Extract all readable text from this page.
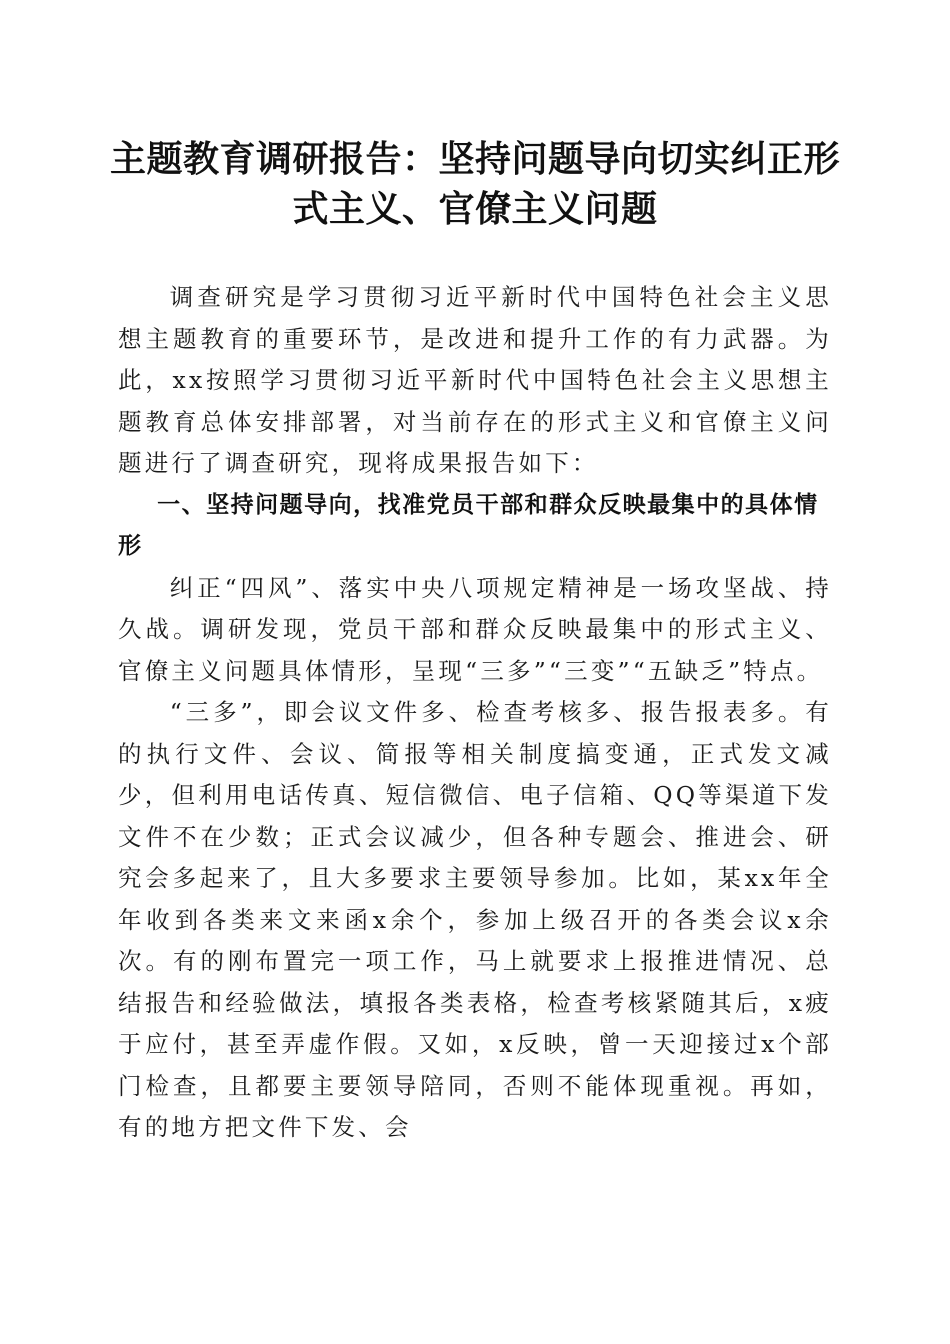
主题教育调研报告：坚持问题导向切实纠正形式主义、官僚主义问题

调查研究是学习贯彻习近平新时代中国特色社会主义思想主题教育的重要环节，是改进和提升工作的有力武器。为此，xx按照学习贯彻习近平新时代中国特色社会主义思想主题教育总体安排部署，对当前存在的形式主义和官僚主义问题进行了调查研究，现将成果报告如下：

一、坚持问题导向，找准党员干部和群众反映最集中的具体情形

纠正“四风”、落实中央八项规定精神是一场攻坚战、持久战。调研发现，党员干部和群众反映最集中的形式主义、官僚主义问题具体情形，呈现“三多”“三变”“五缺乏”特点。

“三多”，即会议文件多、检查考核多、报告报表多。有的执行文件、会议、简报等相关制度搞变通，正式发文减少，但利用电话传真、短信微信、电子信箱、QQ等渠道下发文件不在少数；正式会议减少，但各种专题会、推进会、研究会多起来了，且大多要求主要领导参加。比如，某xx年全年收到各类来文来函x余个，参加上级召开的各类会议x余次。有的刚布置完一项工作，马上就要求上报推进情况、总结报告和经验做法，填报各类表格，检查考核紧随其后，x疲于应付，甚至弄虚作假。又如，x反映，曾一天迎接过x个部门检查，且都要主要领导陪同，否则不能体现重视。再如，有的地方把文件下发、会
